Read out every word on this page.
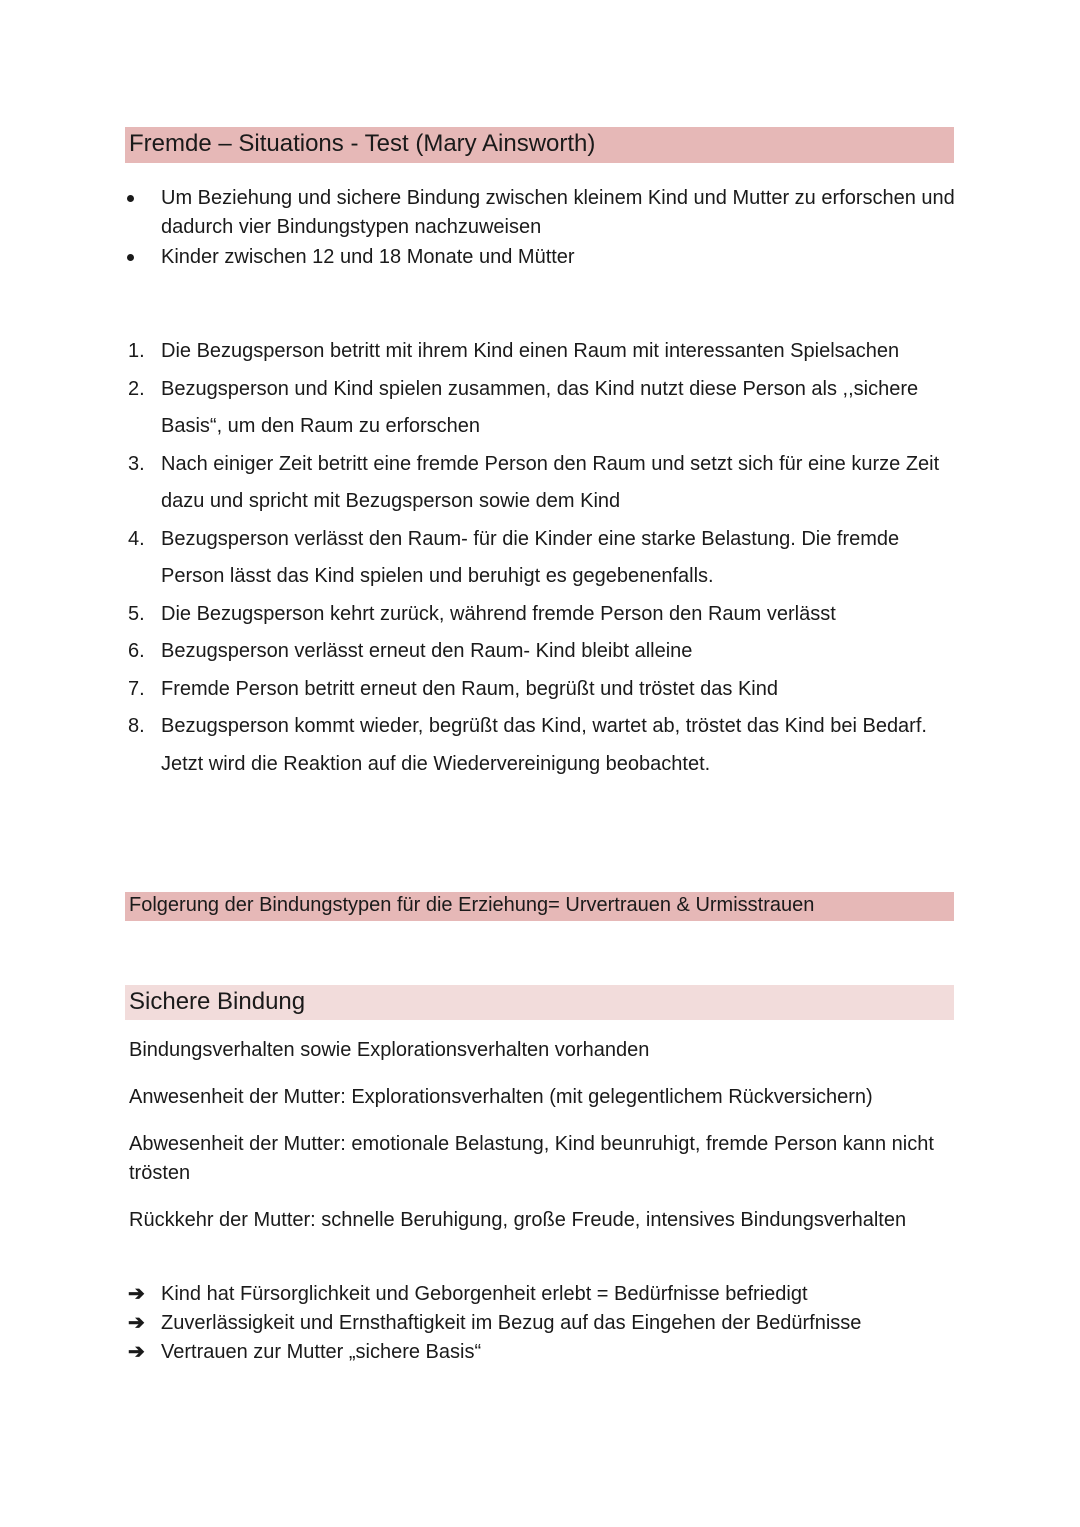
Fremde – Situations - Test (Mary Ainsworth)
Um Beziehung und sichere Bindung zwischen kleinem Kind und Mutter zu erforschen und dadurch vier Bindungstypen nachzuweisen
Kinder zwischen 12 und 18 Monate und Mütter
1. Die Bezugsperson betritt mit ihrem Kind einen Raum mit interessanten Spielsachen
2. Bezugsperson und Kind spielen zusammen, das Kind nutzt diese Person als ,,sichere Basis“, um den Raum zu erforschen
3. Nach einiger Zeit betritt eine fremde Person den Raum und setzt sich für eine kurze Zeit dazu und spricht mit Bezugsperson sowie dem Kind
4. Bezugsperson verlässt den Raum- für die Kinder eine starke Belastung. Die fremde Person lässt das Kind spielen und beruhigt es gegebenenfalls.
5. Die Bezugsperson kehrt zurück, während fremde Person den Raum verlässt
6. Bezugsperson verlässt erneut den Raum- Kind bleibt alleine
7. Fremde Person betritt erneut den Raum, begrüßt und tröstet das Kind
8. Bezugsperson kommt wieder, begrüßt das Kind, wartet ab, tröstet das Kind bei Bedarf. Jetzt wird die Reaktion auf die Wiedervereinigung beobachtet.
Folgerung der Bindungstypen für die Erziehung= Urvertrauen & Urmisstrauen
Sichere Bindung

Bindungsverhalten sowie Explorationsverhalten vorhanden

Anwesenheit der Mutter: Explorationsverhalten (mit gelegentlichem Rückversichern)

Abwesenheit der Mutter: emotionale Belastung, Kind beunruhigt, fremde Person kann nicht trösten

Rückkehr der Mutter: schnelle Beruhigung, große Freude, intensives Bindungsverhalten

➔ Kind hat Fürsorglichkeit und Geborgenheit erlebt = Bedürfnisse befriedigt
➔ Zuverlässigkeit und Ernsthaftigkeit im Bezug auf das Eingehen der Bedürfnisse
➔ Vertrauen zur Mutter „sichere Basis“
